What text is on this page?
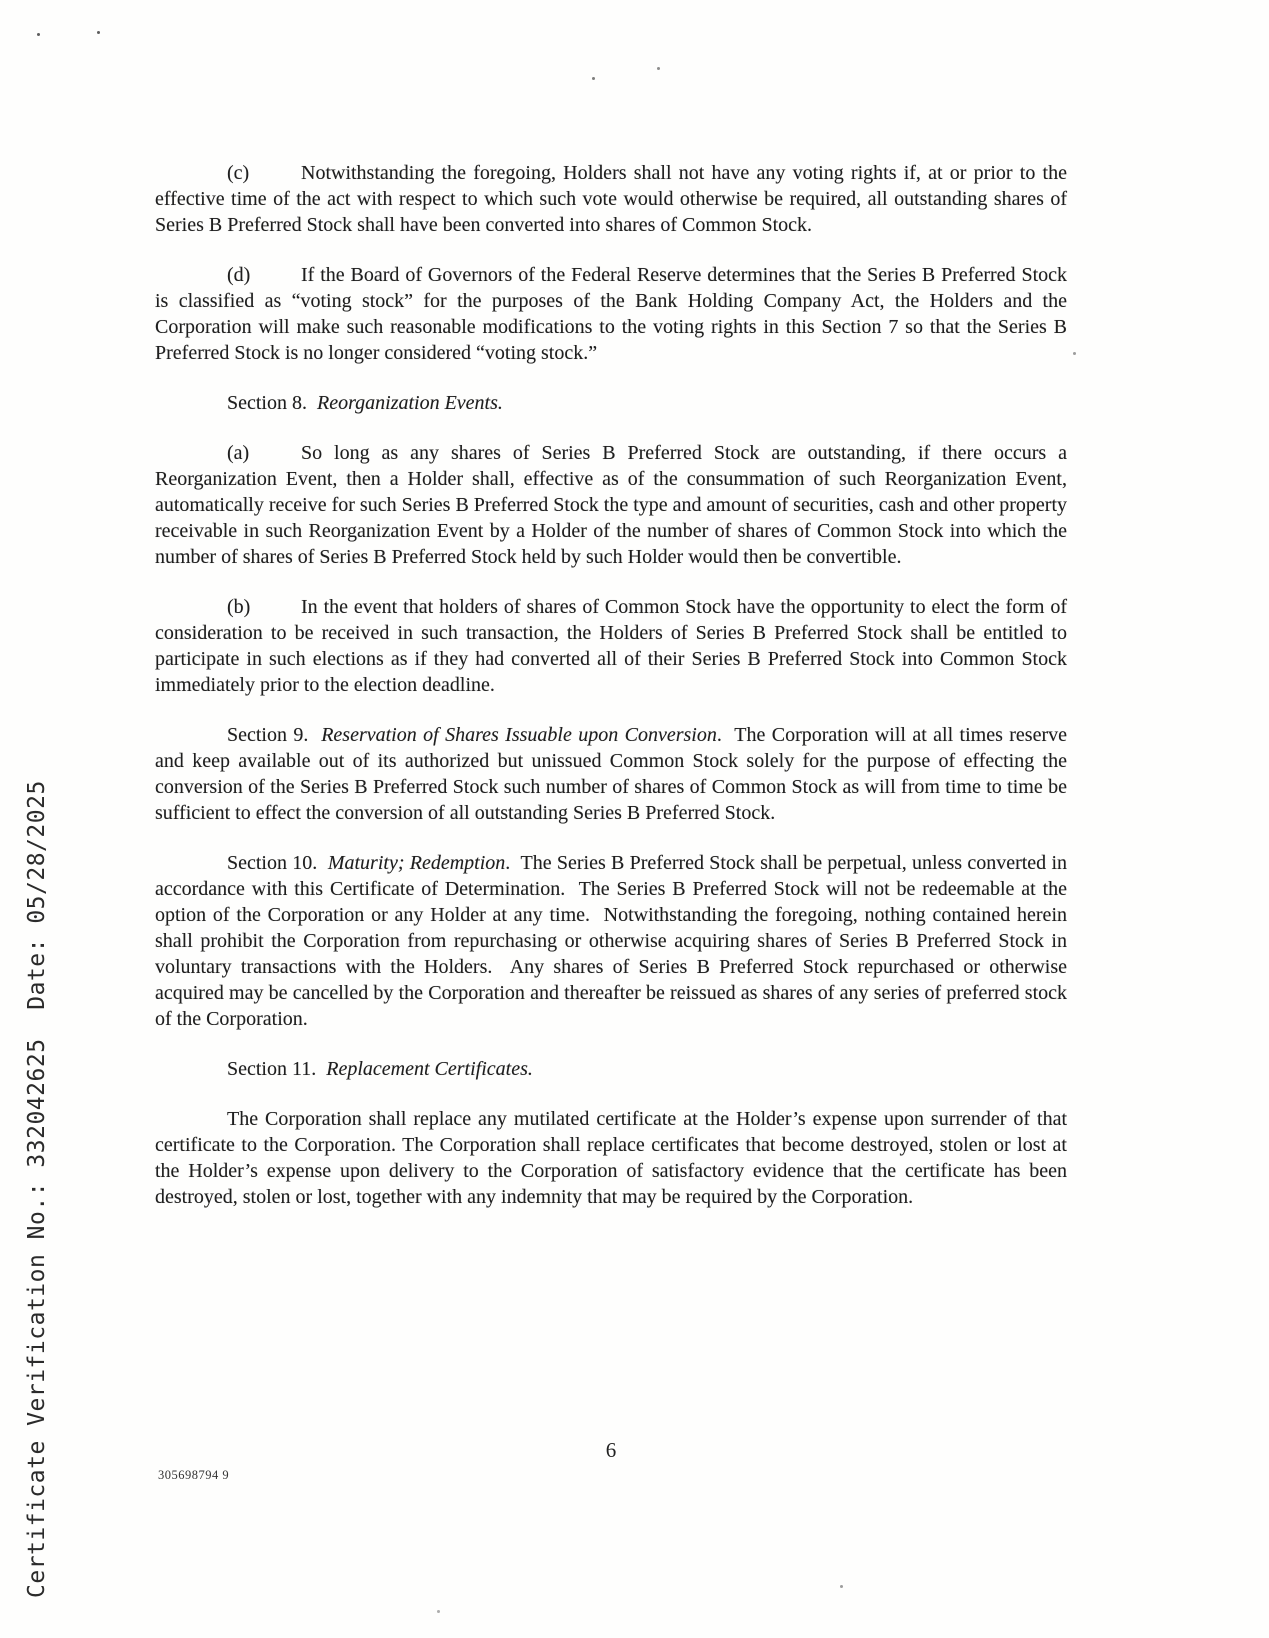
Certificate Verification No.: 332042625  Date: 05/28/2025

(c)	Notwithstanding the foregoing, Holders shall not have any voting rights if, at or prior to the effective time of the act with respect to which such vote would otherwise be required, all outstanding shares of Series B Preferred Stock shall have been converted into shares of Common Stock.

(d)	If the Board of Governors of the Federal Reserve determines that the Series B Preferred Stock is classified as “voting stock” for the purposes of the Bank Holding Company Act, the Holders and the Corporation will make such reasonable modifications to the voting rights in this Section 7 so that the Series B Preferred Stock is no longer considered “voting stock.”

Section 8.  Reorganization Events.

(a)	So long as any shares of Series B Preferred Stock are outstanding, if there occurs a Reorganization Event, then a Holder shall, effective as of the consummation of such Reorganization Event, automatically receive for such Series B Preferred Stock the type and amount of securities, cash and other property receivable in such Reorganization Event by a Holder of the number of shares of Common Stock into which the number of shares of Series B Preferred Stock held by such Holder would then be convertible.

(b)	In the event that holders of shares of Common Stock have the opportunity to elect the form of consideration to be received in such transaction, the Holders of Series B Preferred Stock shall be entitled to participate in such elections as if they had converted all of their Series B Preferred Stock into Common Stock immediately prior to the election deadline.

Section 9.  Reservation of Shares Issuable upon Conversion.  The Corporation will at all times reserve and keep available out of its authorized but unissued Common Stock solely for the purpose of effecting the conversion of the Series B Preferred Stock such number of shares of Common Stock as will from time to time be sufficient to effect the conversion of all outstanding Series B Preferred Stock.

Section 10.  Maturity; Redemption.  The Series B Preferred Stock shall be perpetual, unless converted in accordance with this Certificate of Determination.  The Series B Preferred Stock will not be redeemable at the option of the Corporation or any Holder at any time.  Notwithstanding the foregoing, nothing contained herein shall prohibit the Corporation from repurchasing or otherwise acquiring shares of Series B Preferred Stock in voluntary transactions with the Holders.  Any shares of Series B Preferred Stock repurchased or otherwise acquired may be cancelled by the Corporation and thereafter be reissued as shares of any series of preferred stock of the Corporation.

Section 11.  Replacement Certificates.

The Corporation shall replace any mutilated certificate at the Holder’s expense upon surrender of that certificate to the Corporation. The Corporation shall replace certificates that become destroyed, stolen or lost at the Holder’s expense upon delivery to the Corporation of satisfactory evidence that the certificate has been destroyed, stolen or lost, together with any indemnity that may be required by the Corporation.

6
305698794 9
